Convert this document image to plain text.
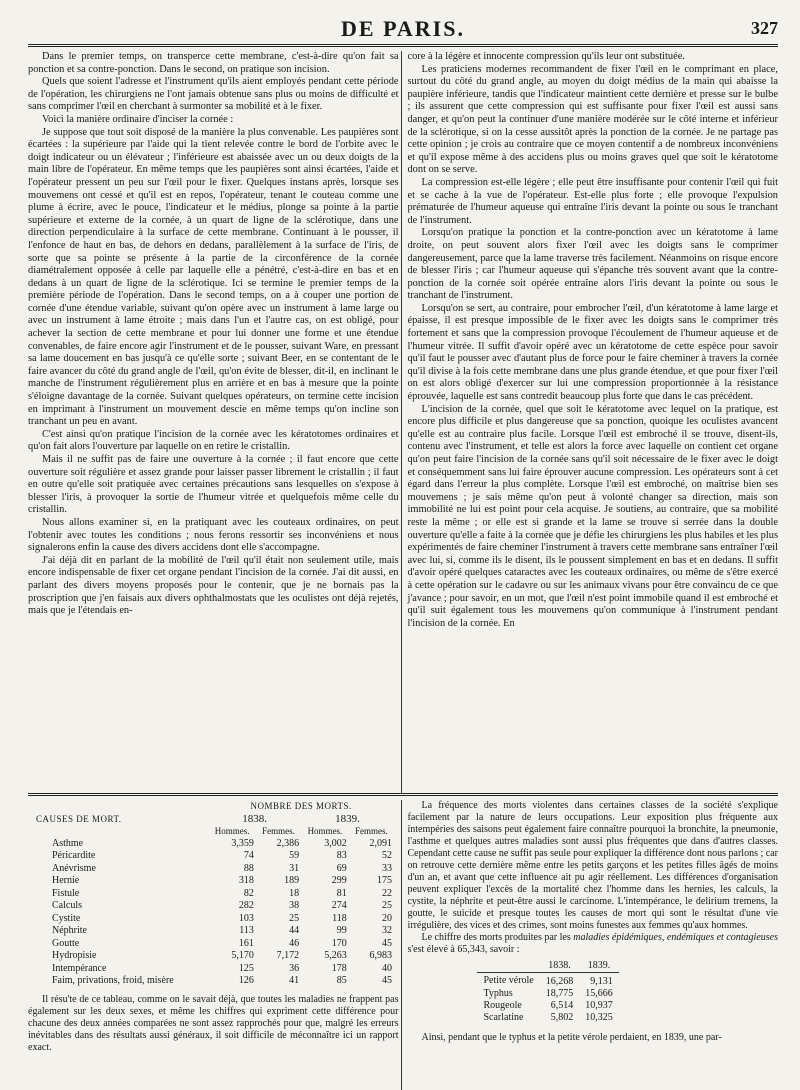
DE PARIS.	327

Dans le premier temps, on transperce cette membrane, c'est-à-dire qu'on fait sa ponction et sa contre-ponction. Dans le second, on pratique son incision.

Quels que soient l'adresse et l'instrument qu'ils aient employés pendant cette période de l'opération, les chirurgiens ne l'ont jamais obtenue sans plus ou moins de difficulté et sans comprimer l'œil en cherchant à surmonter sa mobilité et à le fixer.

Voici la manière ordinaire d'inciser la cornée :

Je suppose que tout soit disposé de la manière la plus convenable. Les paupières sont écartées : la supérieure par l'aide qui la tient relevée contre le bord de l'orbite avec le doigt indicateur ou un élévateur ; l'inférieure est abaissée avec un ou deux doigts de la main libre de l'opérateur. En même temps que les paupières sont ainsi écartées, l'aide et l'opérateur pressent un peu sur l'œil pour le fixer. Quelques instans après, lorsque ses mouvemens ont cessé et qu'il est en repos, l'opérateur, tenant le couteau comme une plume à écrire, avec le pouce, l'indicateur et le médius, plonge sa pointe à la partie supérieure et externe de la cornée, à un quart de ligne de la sclérotique, dans une direction perpendiculaire à la surface de cette membrane. Continuant à le pousser, il l'enfonce de haut en bas, de dehors en dedans, parallèlement à la surface de l'iris, de sorte que sa pointe se présente à la partie de la circonférence de la cornée diamétralement opposée à celle par laquelle elle a pénétré, c'est-à-dire en bas et en dedans à un quart de ligne de la sclérotique. Ici se termine le premier temps de la première période de l'opération. Dans le second temps, on a à couper une portion de cornée d'une étendue variable, suivant qu'on opère avec un instrument à lame large ou avec un instrument à lame étroite ; mais dans l'un et l'autre cas, on est obligé, pour achever la section de cette membrane et pour lui donner une forme et une étendue convenables, de faire encore agir l'instrument et de le pousser, suivant Ware, en pressant sa lame doucement en bas jusqu'à ce qu'elle sorte ; suivant Beer, en se contentant de le faire avancer du côté du grand angle de l'œil, qu'on évite de blesser, dit-il, en inclinant le manche de l'instrument régulièrement plus en arrière et en bas à mesure que la pointe s'éloigne davantage de la cornée. Suivant quelques opérateurs, on termine cette incision en imprimant à l'instrument un mouvement descie en même temps qu'on incline son tranchant un peu en avant.

C'est ainsi qu'on pratique l'incision de la cornée avec les kératotomes ordinaires et qu'on fait alors l'ouverture par laquelle on en retire le cristallin.

Mais il ne suffit pas de faire une ouverture à la cornée ; il faut encore que cette ouverture soit régulière et assez grande pour laisser passer librement le cristallin ; il faut en outre qu'elle soit pratiquée avec certaines précautions sans lesquelles on s'expose à blesser l'iris, à provoquer la sortie de l'humeur vitrée et quelquefois même celle du cristallin.

Nous allons examiner si, en la pratiquant avec les couteaux ordinaires, on peut l'obtenir avec toutes les conditions ; nous ferons ressortir ses inconvéniens et nous signalerons enfin la cause des divers accidens dont elle s'accompagne.

J'ai déjà dit en parlant de la mobilité de l'œil qu'il était non seulement utile, mais encore indispensable de fixer cet organe pendant l'incision de la cornée. J'ai dit aussi, en parlant des divers moyens proposés pour le contenir, que je ne bornais pas la proscription que j'en faisais aux divers ophthalmostats que les oculistes ont déjà rejetés, mais que je l'étendais en-

core à la légère et innocente compression qu'ils leur ont substituée.

Les praticiens modernes recommandent de fixer l'œil en le comprimant en place, surtout du côté du grand angle, au moyen du doigt médius de la main qui abaisse la paupière inférieure, tandis que l'indicateur maintient cette dernière et presse sur le bulbe ; ils assurent que cette compression qui est suffisante pour fixer l'œil est aussi sans danger, et qu'on peut la continuer d'une manière modérée sur le côté interne et inférieur de la sclérotique, si on la cesse aussitôt après la ponction de la cornée. Je ne partage pas cette opinion ; je crois au contraire que ce moyen contentif a de nombreux inconvéniens et qu'il expose même à des accidens plus ou moins graves quel que soit le kératotome dont on se serve.

La compression est-elle légère ; elle peut être insuffisante pour contenir l'œil qui fuit et se cache à la vue de l'opérateur. Est-elle plus forte ; elle provoque l'expulsion prématurée de l'humeur aqueuse qui entraîne l'iris devant la pointe ou sous le tranchant de l'instrument.

Lorsqu'on pratique la ponction et la contre-ponction avec un kératotome à lame droite, on peut souvent alors fixer l'œil avec les doigts sans le comprimer dangereusement, parce que la lame traverse très facilement. Néanmoins on risque encore de blesser l'iris ; car l'humeur aqueuse qui s'épanche très souvent avant que la contre-ponction de la cornée soit opérée entraîne alors l'iris devant la pointe ou sous le tranchant de l'instrument.

Lorsqu'on se sert, au contraire, pour embrocher l'œil, d'un kératotome à lame large et épaisse, il est presque impossible de le fixer avec les doigts sans le comprimer très fortement et sans que la compression provoque l'écoulement de l'humeur aqueuse et de l'humeur vitrée. Il suffit d'avoir opéré avec un kératotome de cette espèce pour savoir qu'il faut le pousser avec d'autant plus de force pour le faire cheminer à travers la cornée qu'il divise à la fois cette membrane dans une plus grande étendue, et que pour fixer l'œil on est alors obligé d'exercer sur lui une compression proportionnée à la résistance éprouvée, laquelle est sans contredit beaucoup plus forte que dans le cas précédent.

L'incision de la cornée, quel que soit le kératotome avec lequel on la pratique, est encore plus difficile et plus dangereuse que sa ponction, quoique les oculistes avancent qu'elle est au contraire plus facile. Lorsque l'œil est embroché il se trouve, disent-ils, contenu avec l'instrument, et telle est alors la force avec laquelle on contient cet organe qu'on peut faire l'incision de la cornée sans qu'il soit nécessaire de le fixer avec le doigt et conséquemment sans lui faire éprouver aucune compression. Les opérateurs sont à cet égard dans l'erreur la plus complète. Lorsque l'œil est embroché, on maîtrise bien ses mouvemens ; je sais même qu'on peut à volonté changer sa direction, mais son immobilité ne lui est point pour cela acquise. Je soutiens, au contraire, que sa mobilité reste la même ; or elle est si grande et la lame se trouve si serrée dans la double ouverture qu'elle a faite à la cornée que je défie les chirurgiens les plus habiles et les plus expérimentés de faire cheminer l'instrument à travers cette membrane sans entraîner l'œil avec lui, si, comme ils le disent, ils le poussent simplement en bas et en dedans. Il suffit d'avoir opéré quelques cataractes avec les couteaux ordinaires, ou même de s'être exercé à cette opération sur le cadavre ou sur les animaux vivans pour être convaincu de ce que j'avance ; pour savoir, en un mot, que l'œil n'est point immobile quand il est embroché et qu'il suit également tous les mouvemens qu'on communique à l'instrument pendant l'incision de la cornée. En

	NOMBRE DES MORTS.			
CAUSES DE MORT.	1838.		1839.	
	Hommes.	Femmes.	Hommes.	Femmes.
Asthme	3,359	2,386	3,002	2,091
Péricardite	74	59	83	52
Anévrisme	88	31	69	33
Hernie	318	189	299	175
Fistule	82	18	81	22
Calculs	282	38	274	25
Cystite	103	25	118	20
Néphrite	113	44	99	32
Goutte	161	46	170	45
Hydropisie	5,170	7,172	5,263	6,983
Intempérance	125	36	178	40
Faim, privations, froid, misère	126	41	85	45

Il résu'te de ce tableau, comme on le savait déjà, que toutes les maladies ne frappent pas également sur les deux sexes, et même les chiffres qui expriment cette différence pour chacune des deux années comparées ne sont assez rapprochés pour que, malgré les erreurs inévitables dans des résultats aussi généraux, il soit difficile de méconnaître ici un rapport exact.

La fréquence des morts violentes dans certaines classes de la société s'explique facilement par la nature de leurs occupations. Leur exposition plus fréquente aux intempéries des saisons peut également faire connaître pourquoi la bronchite, la pneumonie, l'asthme et quelques autres maladies sont aussi plus fréquentes que dans d'autres classes. Cependant cette cause ne suffit pas seule pour expliquer la différence dont nous parlons ; car on retrouve cette dernière même entre les petits garçons et les petites filles âgés de moins d'un an, et avant que cette influence ait pu agir réellement. Les différences d'organisation peuvent expliquer l'excès de la mortalité chez l'homme dans les hernies, les calculs, la cystite, la néphrite et peut-être aussi le carcinome. L'intempérance, le delirium tremens, la goutte, le suicide et presque toutes les causes de mort qui sont le résultat d'une vie irrégulière, des vices et des crimes, sont moins funestes aux femmes qu'aux hommes.

Le chiffre des morts produites par les maladies épidémiques, endémiques et contagieuses s'est élevé à 65,343, savoir :

	1838.	1839.
Petite vérole	16,268	9,131
Typhus	18,775	15,666
Rougeole	6,514	10,937
Scarlatine	5,802	10,325

Ainsi, pendant que le typhus et la petite vérole perdaient, en 1839, une par-
